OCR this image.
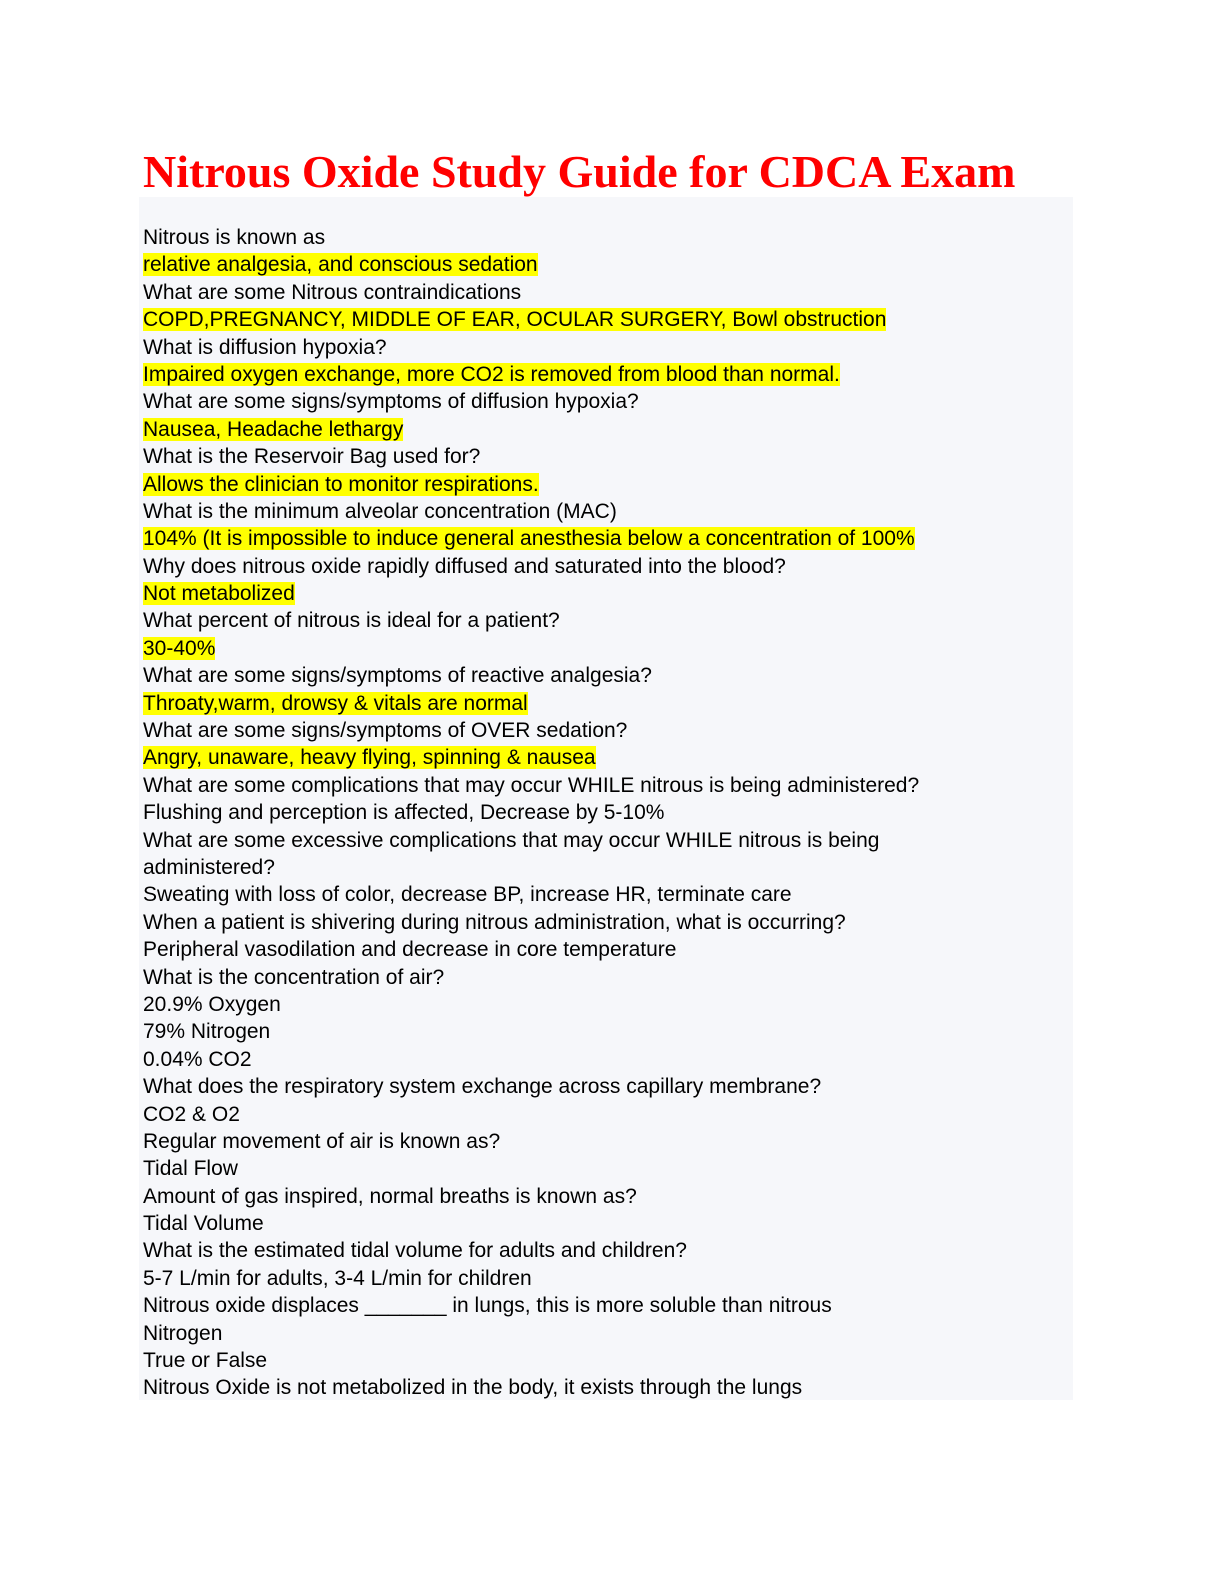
Nitrous Oxide Study Guide for CDCA Exam
Nitrous is known as
relative analgesia, and conscious sedation
What are some Nitrous contraindications
COPD,PREGNANCY, MIDDLE OF EAR, OCULAR SURGERY, Bowl obstruction
What is diffusion hypoxia?
Impaired oxygen exchange, more CO2 is removed from blood than normal.
What are some signs/symptoms of diffusion hypoxia?
Nausea, Headache lethargy
What is the Reservoir Bag used for?
Allows the clinician to monitor respirations.
What is the minimum alveolar concentration (MAC)
104% (It is impossible to induce general anesthesia below a concentration of 100%
Why does nitrous oxide rapidly diffused and saturated into the blood?
Not metabolized
What percent of nitrous is ideal for a patient?
30-40%
What are some signs/symptoms of reactive analgesia?
Throaty,warm, drowsy & vitals are normal
What are some signs/symptoms of OVER sedation?
Angry, unaware, heavy flying, spinning & nausea
What are some complications that may occur WHILE nitrous is being administered?
Flushing and perception is affected, Decrease by 5-10%
What are some excessive complications that may occur WHILE nitrous is being
administered?
Sweating with loss of color, decrease BP, increase HR, terminate care
When a patient is shivering during nitrous administration, what is occurring?
Peripheral vasodilation and decrease in core temperature
What is the concentration of air?
20.9% Oxygen
79% Nitrogen
0.04% CO2
What does the respiratory system exchange across capillary membrane?
CO2 & O2
Regular movement of air is known as?
Tidal Flow
Amount of gas inspired, normal breaths is known as?
Tidal Volume
What is the estimated tidal volume for adults and children?
5-7 L/min for adults, 3-4 L/min for children
Nitrous oxide displaces _______ in lungs, this is more soluble than nitrous
Nitrogen
True or False
Nitrous Oxide is not metabolized in the body, it exists through the lungs
